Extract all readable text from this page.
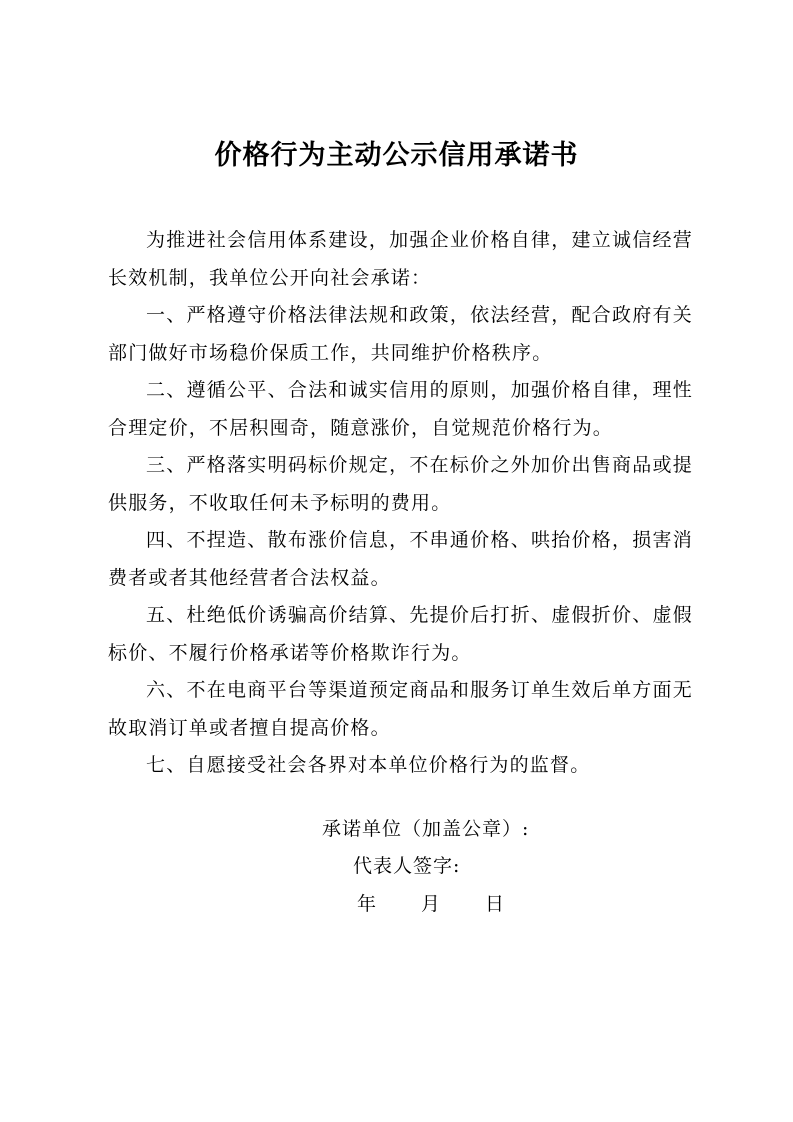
价格行为主动公示信用承诺书

为推进社会信用体系建设，加强企业价格自律，建立诚信经营长效机制，我单位公开向社会承诺：

一、严格遵守价格法律法规和政策，依法经营，配合政府有关部门做好市场稳价保质工作，共同维护价格秩序。

二、遵循公平、合法和诚实信用的原则，加强价格自律，理性合理定价，不居积囤奇，随意涨价，自觉规范价格行为。

三、严格落实明码标价规定，不在标价之外加价出售商品或提供服务，不收取任何未予标明的费用。

四、不捏造、散布涨价信息，不串通价格、哄抬价格，损害消费者或者其他经营者合法权益。

五、杜绝低价诱骗高价结算、先提价后打折、虚假折价、虚假标价、不履行价格承诺等价格欺诈行为。

六、不在电商平台等渠道预定商品和服务订单生效后单方面无故取消订单或者擅自提高价格。

七、自愿接受社会各界对本单位价格行为的监督。

承诺单位（加盖公章）:
代表人签字:
年 月 日
